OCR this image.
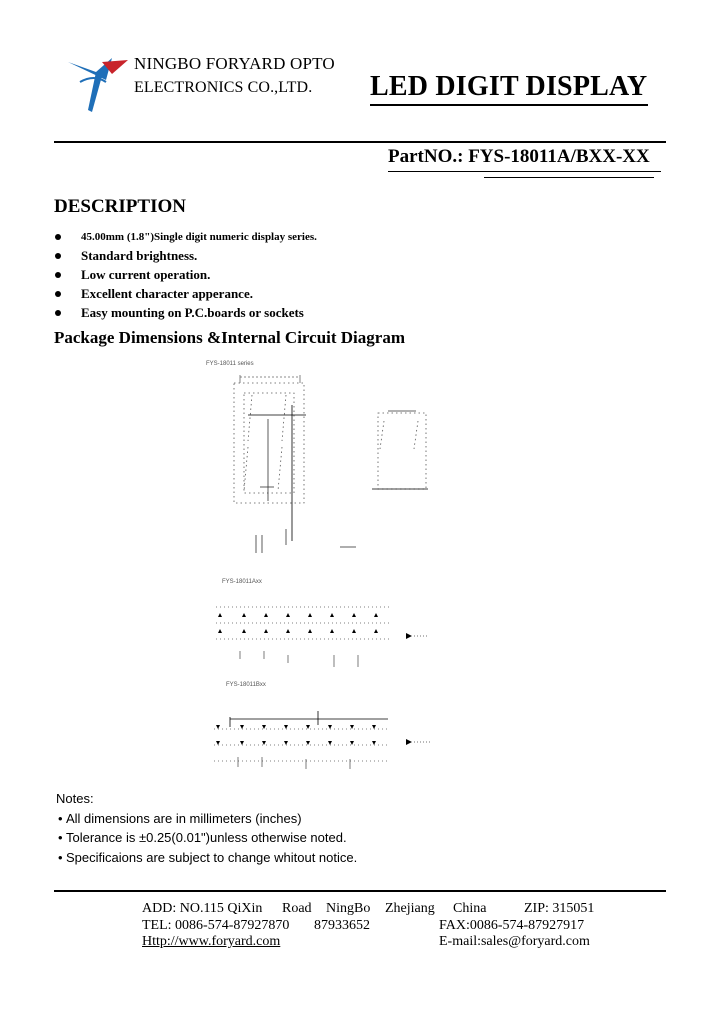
NINGBO FORYARD OPTO
ELECTRONICS CO.,LTD. LED DIGIT DISPLAY
PartNO.: FYS-18011A/BXX-XX
DESCRIPTION
45.00mm (1.8")Single digit numeric display series.
Standard brightness.
Low current operation.
Excellent character apperance.
Easy mounting on P.C.boards or sockets
Package Dimensions &Internal Circuit Diagram
FYS-18011 series
FYS-18011Axx
FYS-18011Bxx
Notes:
• All dimensions are in millimeters (inches)
• Tolerance is ±0.25(0.01")unless otherwise noted.
• Specificaions are subject to change whitout notice.
ADD: NO.115 QiXin Road NingBo Zhejiang China	ZIP: 315051
TEL: 0086-574-87927870 87933652	FAX:0086-574-87927917
Http://www.foryard.com	E-mail:sales@foryard.com
